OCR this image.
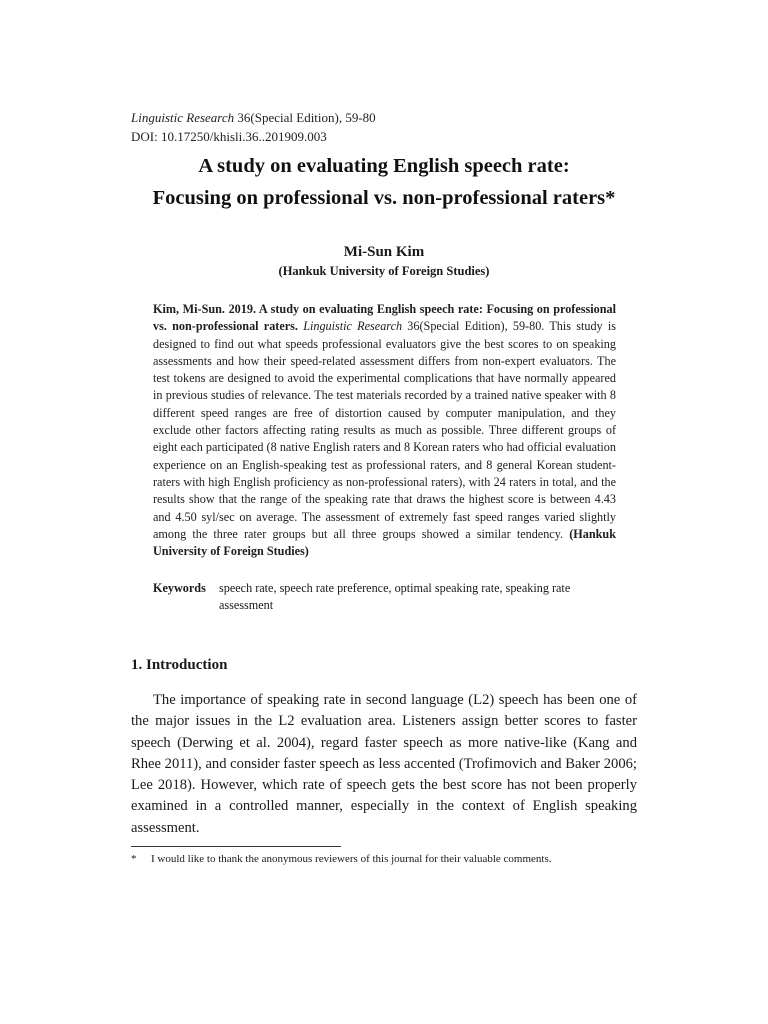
Linguistic Research 36(Special Edition), 59-80
DOI: 10.17250/khisli.36..201909.003
A study on evaluating English speech rate:
Focusing on professional vs. non-professional raters*
Mi-Sun Kim
(Hankuk University of Foreign Studies)
Kim, Mi-Sun. 2019. A study on evaluating English speech rate: Focusing on professional vs. non-professional raters. Linguistic Research 36(Special Edition), 59-80. This study is designed to find out what speeds professional evaluators give the best scores to on speaking assessments and how their speed-related assessment differs from non-expert evaluators. The test tokens are designed to avoid the experimental complications that have normally appeared in previous studies of relevance. The test materials recorded by a trained native speaker with 8 different speed ranges are free of distortion caused by computer manipulation, and they exclude other factors affecting rating results as much as possible. Three different groups of eight each participated (8 native English raters and 8 Korean raters who had official evaluation experience on an English-speaking test as professional raters, and 8 general Korean student-raters with high English proficiency as non-professional raters), with 24 raters in total, and the results show that the range of the speaking rate that draws the highest score is between 4.43 and 4.50 syl/sec on average. The assessment of extremely fast speed ranges varied slightly among the three rater groups but all three groups showed a similar tendency. (Hankuk University of Foreign Studies)
Keywords	speech rate, speech rate preference, optimal speaking rate, speaking rate assessment
1. Introduction
The importance of speaking rate in second language (L2) speech has been one of the major issues in the L2 evaluation area. Listeners assign better scores to faster speech (Derwing et al. 2004), regard faster speech as more native-like (Kang and Rhee 2011), and consider faster speech as less accented (Trofimovich and Baker 2006; Lee 2018). However, which rate of speech gets the best score has not been properly examined in a controlled manner, especially in the context of English speaking assessment.
*	I would like to thank the anonymous reviewers of this journal for their valuable comments.
